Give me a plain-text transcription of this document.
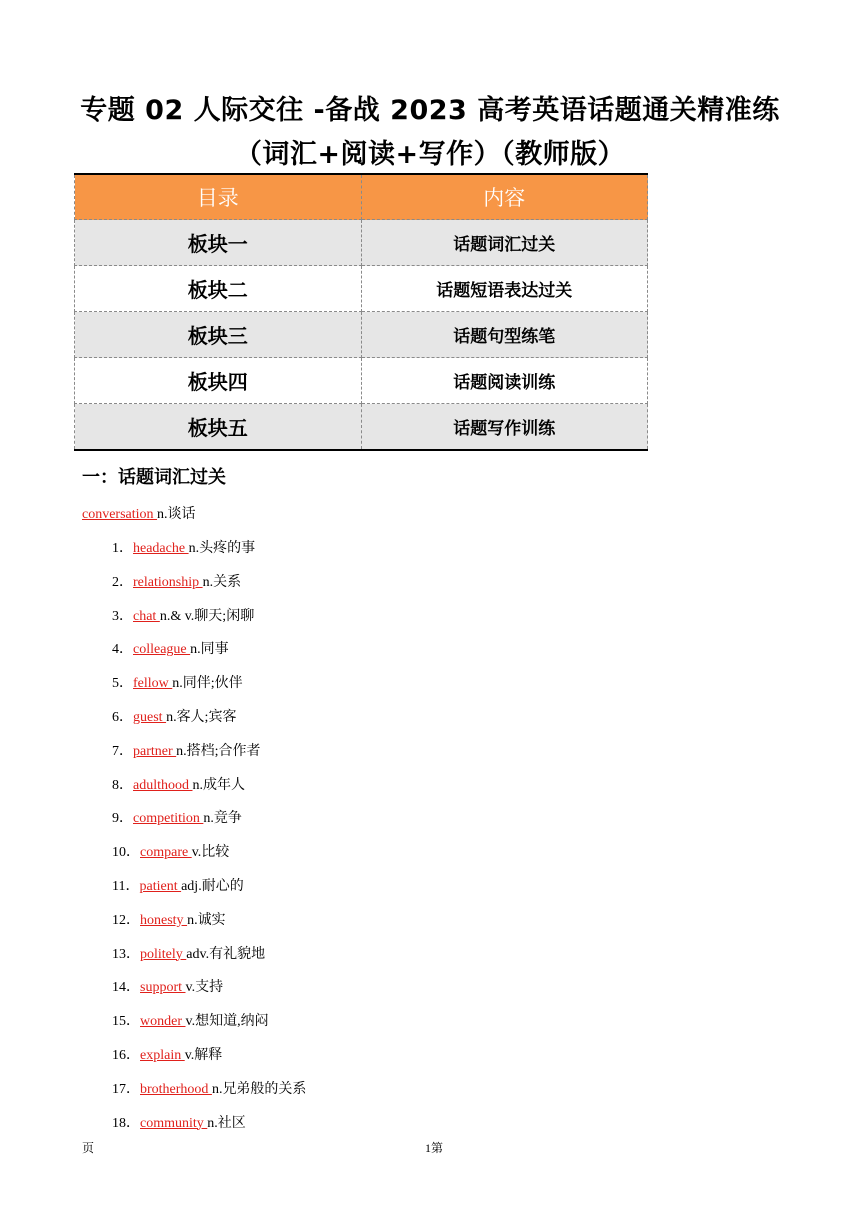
专题 02 人际交往 -备战 2023 高考英语话题通关精准练
（词汇+阅读+写作）（教师版）
目录	内容
板块一	话题词汇过关
板块二	话题短语表达过关
板块三	话题句型练笔
板块四	话题阅读训练
板块五	话题写作训练
一：话题词汇过关
conversation n.谈话
1．headache n.头疼的事
2．relationship n.关系
3．chat n.& v.聊天;闲聊
4．colleague n.同事
5．fellow n.同伴;伙伴
6．guest n.客人;宾客
7．partner n.搭档;合作者
8．adulthood n.成年人
9．competition n.竞争
10．compare v.比较
11．patient adj.耐心的
12．honesty n.诚实
13．politely adv.有礼貌地
14．support v.支持
15．wonder v.想知道,纳闷
16．explain v.解释
17．brotherhood n.兄弟般的关系
18．community n.社区
页	1第
